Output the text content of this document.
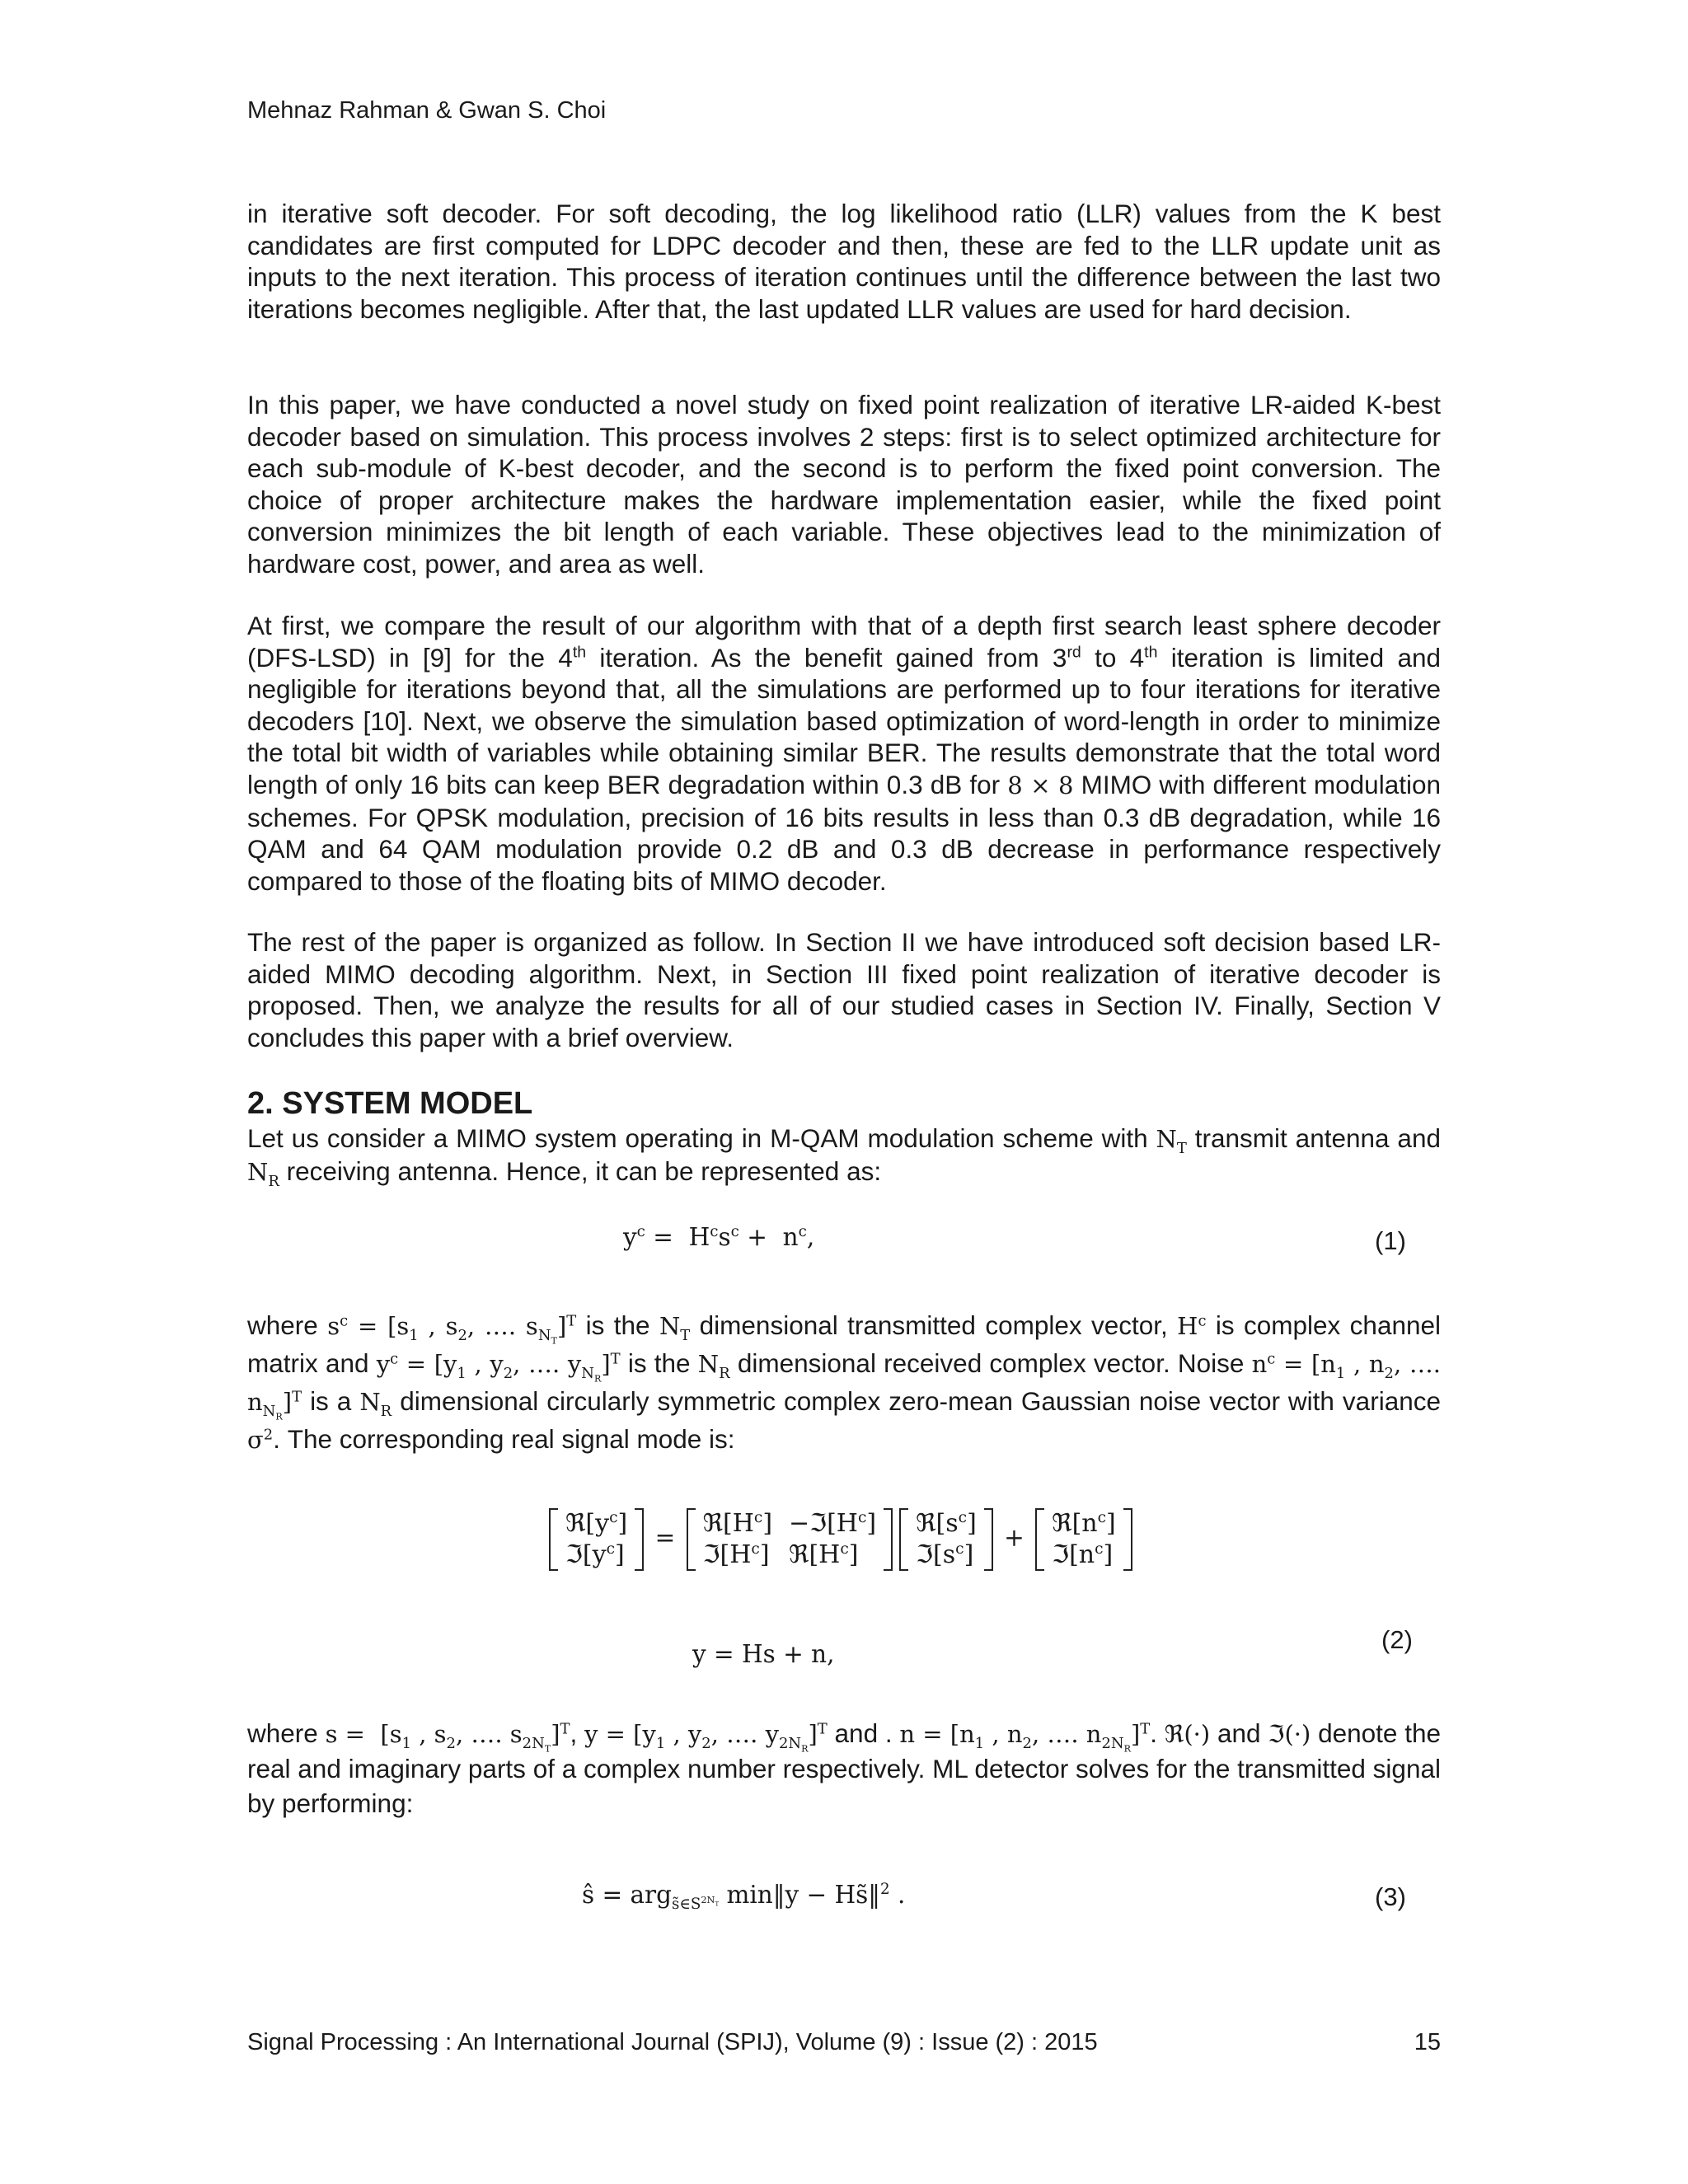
Mehnaz Rahman & Gwan S. Choi
in iterative soft decoder. For soft decoding, the log likelihood ratio (LLR) values from the K best candidates are first computed for LDPC decoder and then, these are fed to the LLR update unit as inputs to the next iteration. This process of iteration continues until the difference between the last two iterations becomes negligible. After that, the last updated LLR values are used for hard decision.
In this paper, we have conducted a novel study on fixed point realization of iterative LR-aided K-best decoder based on simulation. This process involves 2 steps: first is to select optimized architecture for each sub-module of K-best decoder, and the second is to perform the fixed point conversion. The choice of proper architecture makes the hardware implementation easier, while the fixed point conversion minimizes the bit length of each variable. These objectives lead to the minimization of hardware cost, power, and area as well.
At first, we compare the result of our algorithm with that of a depth first search least sphere decoder (DFS-LSD) in [9] for the 4th iteration. As the benefit gained from 3rd to 4th iteration is limited and negligible for iterations beyond that, all the simulations are performed up to four iterations for iterative decoders [10]. Next, we observe the simulation based optimization of word-length in order to minimize the total bit width of variables while obtaining similar BER. The results demonstrate that the total word length of only 16 bits can keep BER degradation within 0.3 dB for 8 × 8 MIMO with different modulation schemes. For QPSK modulation, precision of 16 bits results in less than 0.3 dB degradation, while 16 QAM and 64 QAM modulation provide 0.2 dB and 0.3 dB decrease in performance respectively compared to those of the floating bits of MIMO decoder.
The rest of the paper is organized as follow. In Section II we have introduced soft decision based LR-aided MIMO decoding algorithm. Next, in Section III fixed point realization of iterative decoder is proposed. Then, we analyze the results for all of our studied cases in Section IV. Finally, Section V concludes this paper with a brief overview.
2. SYSTEM MODEL
Let us consider a MIMO system operating in M-QAM modulation scheme with $N_T$ transmit antenna and $N_R$ receiving antenna. Hence, it can be represented as:
$y^c = H^cs^c + n^c$,	(1)
where $s^c = [s_1$ , $s_2$, …. $s_{N_T}]^T$ is the $N_T$ dimensional transmitted complex vector, $H^c$ is complex channel matrix and $y^c = [y_1$ , $y_2$, …. $y_{N_R}]^T$ is the $N_R$ dimensional received complex vector. Noise $n^c = [n_1$ , $n_2$, …. $n_{N_R}]^T$ is a $N_R$ dimensional circularly symmetric complex zero-mean Gaussian noise vector with variance $\sigma^2$. The corresponding real signal mode is:
$ℜ[y^c]$
$ℑ[y^c]$
= $ℜ[H^c]$	$-ℑ[H^c]$
$ℑ[H^c]$	$ℜ[H^c]$
$ℜ[s^c]$
$ℑ[s^c]$
+ $ℜ[n^c]$
$ℑ[n^c]$
y = Hs + n,	(2)
where $s = [s_1$ , $s_2$, …. $s_{2N_T}]^T$, $y = [y_1$ , $y_2$, …. $y_{2N_R}]^T$ and . $n = [n_1$ , $n_2$, …. $n_{2N_R}]^T$. ℜ(·) and ℑ(·) denote the real and imaginary parts of a complex number respectively. ML detector solves for the transmitted signal by performing:
ŝ = arg$_{s̃\in S^{2N_T}}$ min‖y − Hs̃‖$^2$ .	(3)
Signal Processing : An International Journal (SPIJ), Volume (9) : Issue (2) : 2015	15
